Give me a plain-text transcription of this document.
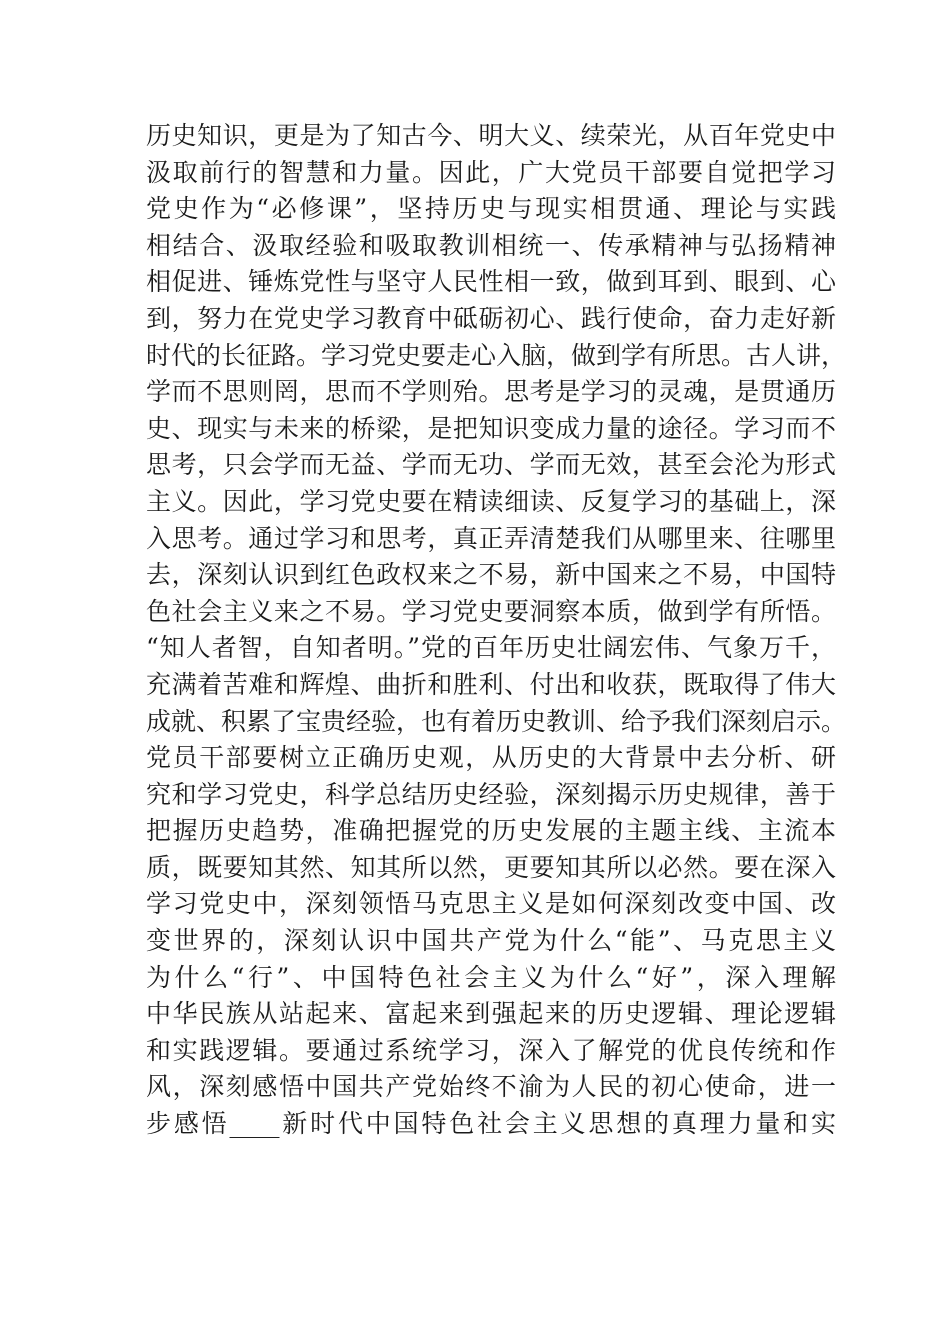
历史知识，更是为了知古今、明大义、续荣光，从百年党史中
汲取前行的智慧和力量。因此，广大党员干部要自觉把学习
党史作为“必修课”，坚持历史与现实相贯通、理论与实践
相结合、汲取经验和吸取教训相统一、传承精神与弘扬精神
相促进、锤炼党性与坚守人民性相一致，做到耳到、眼到、心
到，努力在党史学习教育中砥砺初心、践行使命，奋力走好新
时代的长征路。学习党史要走心入脑，做到学有所思。古人讲，
学而不思则罔，思而不学则殆。思考是学习的灵魂，是贯通历
史、现实与未来的桥梁，是把知识变成力量的途径。学习而不
思考，只会学而无益、学而无功、学而无效，甚至会沦为形式
主义。因此，学习党史要在精读细读、反复学习的基础上，深
入思考。通过学习和思考，真正弄清楚我们从哪里来、往哪里
去，深刻认识到红色政权来之不易，新中国来之不易，中国特
色社会主义来之不易。学习党史要洞察本质，做到学有所悟。
“知人者智，自知者明。”党的百年历史壮阔宏伟、气象万千，
充满着苦难和辉煌、曲折和胜利、付出和收获，既取得了伟大
成就、积累了宝贵经验，也有着历史教训、给予我们深刻启示。
党员干部要树立正确历史观，从历史的大背景中去分析、研
究和学习党史，科学总结历史经验，深刻揭示历史规律，善于
把握历史趋势，准确把握党的历史发展的主题主线、主流本
质，既要知其然、知其所以然，更要知其所以必然。要在深入
学习党史中，深刻领悟马克思主义是如何深刻改变中国、改
变世界的，深刻认识中国共产党为什么“能”、马克思主义
为什么“行”、中国特色社会主义为什么“好”，深入理解
中华民族从站起来、富起来到强起来的历史逻辑、理论逻辑
和实践逻辑。要通过系统学习，深入了解党的优良传统和作
风，深刻感悟中国共产党始终不渝为人民的初心使命，进一
步感悟____新时代中国特色社会主义思想的真理力量和实
